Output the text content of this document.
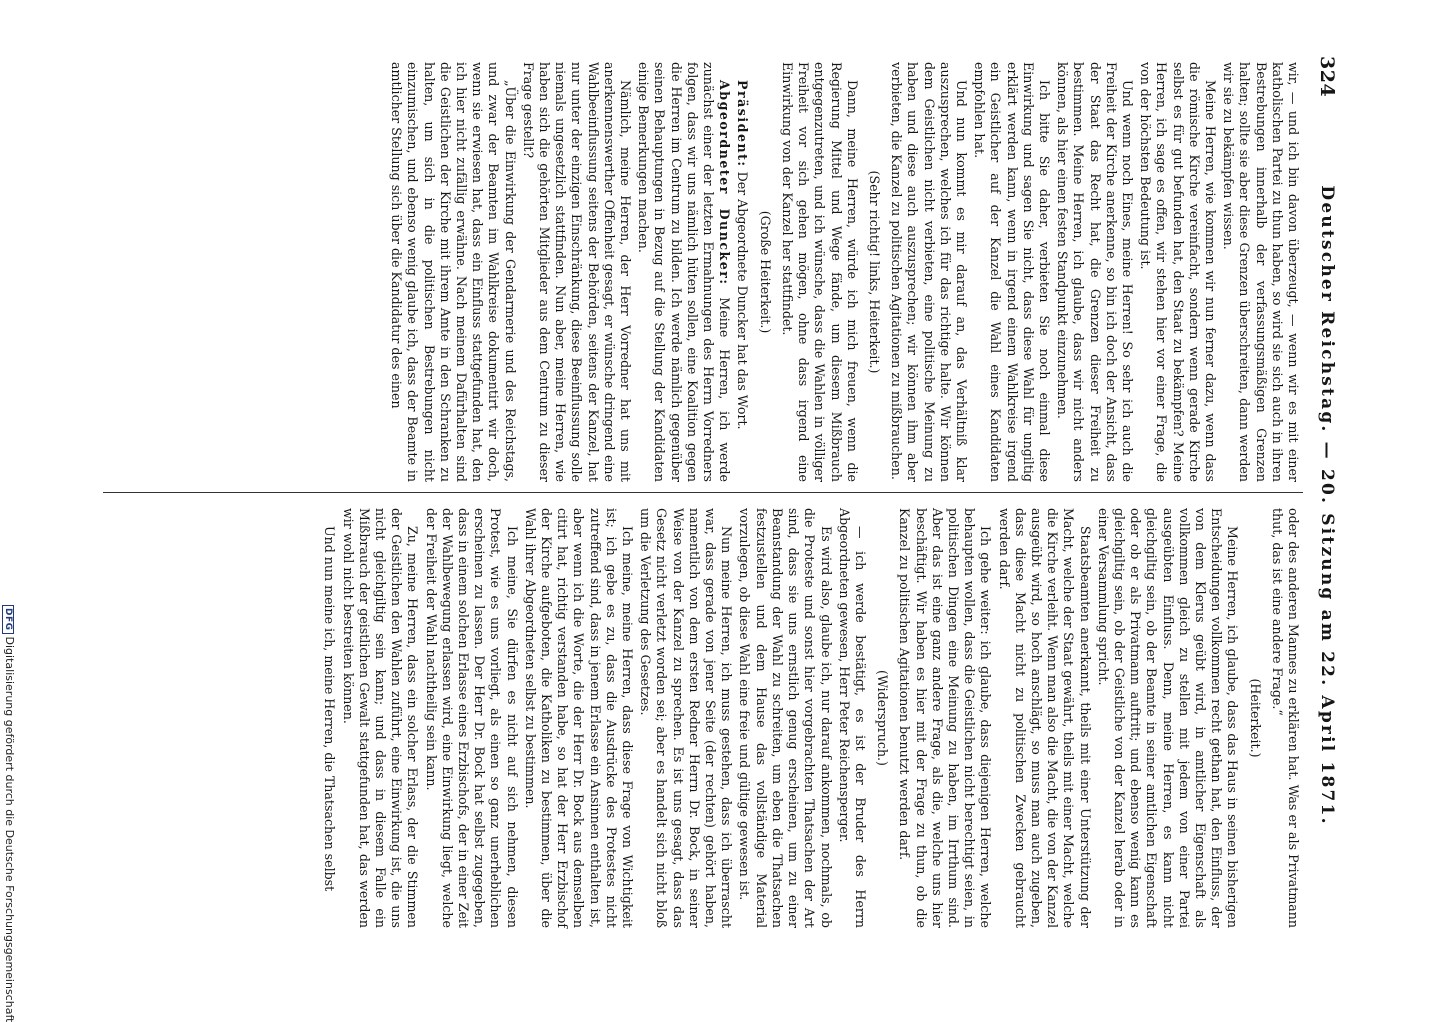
324
Deutscher Reichstag. — 20. Sitzung am 22. April 1871.

wir, — und ich bin davon überzeugt, — wenn wir es mit einer katholischen Partei zu thun haben, so wird sie sich auch in ihren Bestrebungen innerhalb der verfassungsmäßigen Grenzen halten; sollte sie aber diese Grenzen überschreiten, dann werden wir sie zu bekämpfen wissen.

Meine Herren, wie kommen wir nun ferner dazu, wenn dass die römische Kirche vereinfacht, sondern wenn gerade Kirche selbst es für gut befunden hat, den Staat zu bekämpfen? Meine Herren, ich sage es offen, wir stehen hier vor einer Frage, die von der höchsten Bedeutung ist.

Und wenn noch Eines, meine Herren! So sehr ich auch die Freiheit der Kirche anerkenne, so bin ich doch der Ansicht, dass der Staat das Recht hat, die Grenzen dieser Freiheit zu bestimmen. Meine Herren, ich glaube, dass wir nicht anders können, als hier einen festen Standpunkt einzunehmen.

Ich bitte Sie daher, verbieten Sie noch einmal diese Einwirkung und sagen Sie nicht, dass diese Wahl für ungiltig erklärt werden kann, wenn in irgend einem Wahlkreise irgend ein Geistlicher auf der Kanzel die Wahl eines Kandidaten empfohlen hat.

Und nun kommt es mir darauf an, das Verhältniß klar auszusprechen, welches ich für das richtige halte. Wir können dem Geistlichen nicht verbieten, eine politische Meinung zu haben und diese auch auszusprechen; wir können ihm aber verbieten, die Kanzel zu politischen Agitationen zu mißbrauchen.

(Sehr richtig! links, Heiterkeit.)

Dann, meine Herren, würde ich mich freuen, wenn die Regierung Mittel und Wege fände, um diesem Mißbrauch entgegenzutreten, und ich wünsche, dass die Wahlen in völliger Freiheit vor sich gehen mögen, ohne dass irgend eine Einwirkung von der Kanzel her stattfindet.

(Große Heiterkeit.)

Präsident: Der Abgeordnete Duncker hat das Wort.

Abgeordneter Duncker: Meine Herren, ich werde zunächst einer der letzten Ermahnungen des Herrn Vorredners folgen, dass wir uns nämlich hüten sollen, eine Koalition gegen die Herren im Centrum zu bilden. Ich werde nämlich gegenüber seinen Behauptungen in Bezug auf die Stellung der Kandidaten einige Bemerkungen machen.

Nämlich, meine Herren, der Herr Vorredner hat uns mit anerkennenswerther Offenheit gesagt, er wünsche dringend eine Wahlbeeinflussung seitens der Behörden, seitens der Kanzel, hat nur unter der einzigen Einschränkung, diese Beeinflussung solle niemals ungesetzlich stattfinden. Nun aber, meine Herren, wie haben sich die gehörten Mitglieder aus dem Centrum zu dieser Frage gestellt?

„Über die Einwirkung der Gendarmerie und des Reichstags, und zwar der Beamten im Wahlkreise dokumentirt wir doch, wenn sie erwiesen hat, dass ein Einfluss stattgefunden hat, den ich hier nicht zufällig erwähne. Nach meinem Dafürhalten sind die Geistlichen der Kirche mit ihrem Amte in den Schranken zu halten, um sich in die politischen Bestrebungen nicht einzumischen, und ebenso wenig glaube ich, dass der Beamte in amtlicher Stellung sich über die Kandidatur des einen

oder des anderen Mannes zu erklären hat. Was er als Privatmann thut, das ist eine andere Frage.“

(Heiterkeit.)

Meine Herren, ich glaube, dass das Haus in seinen bisherigen Entscheidungen vollkommen recht gethan hat, den Einfluss, der von dem Klerus geübt wird, in amtlicher Eigenschaft als vollkommen gleich zu stellen mit jedem von einer Partei ausgeübten Einfluss. Denn, meine Herren, es kann nicht gleichgiltig sein, ob der Beamte in seiner amtlichen Eigenschaft oder ob er als Privatmann auftritt; und ebenso wenig kann es gleichgiltig sein, ob der Geistliche von der Kanzel herab oder in einer Versammlung spricht.

Staatsbeamten anerkannt, theils mit einer Unterstützung der Macht, welche der Staat gewährt, theils mit einer Macht, welche die Kirche verleiht. Wenn man also die Macht, die von der Kanzel ausgeübt wird, so hoch anschlägt, so muss man auch zugeben, dass diese Macht nicht zu politischen Zwecken gebraucht werden darf.

Ich gehe weiter: ich glaube, dass diejenigen Herren, welche behaupten wollen, dass die Geistlichen nicht berechtigt seien, in politischen Dingen eine Meinung zu haben, im Irrthum sind. Aber das ist eine ganz andere Frage, als die, welche uns hier beschäftigt. Wir haben es hier mit der Frage zu thun, ob die Kanzel zu politischen Agitationen benutzt werden darf.

(Widerspruch.)

— ich werde bestätigt, es ist der Bruder des Herrn Abgeordneten gewesen, Herr Peter Reichensperger.

Es wird also, glaube ich, nur darauf ankommen, nochmals, ob die Proteste und sonst hier vorgebrachten Thatsachen der Art sind, dass sie uns ernstlich genug erscheinen, um zu einer Beanstandung der Wahl zu schreiten, um eben die Thatsachen festzustellen und dem Hause das vollständige Material vorzulegen, ob diese Wahl eine freie und gültige gewesen ist.

Nun meine Herren, ich muss gestehen, dass ich überrascht war, dass gerade von jener Seite (der rechten) gehört haben, namentlich von dem ersten Redner Herrn Dr. Bock, in seiner Weise von der Kanzel zu sprechen. Es ist uns gesagt, dass das Gesetz nicht verletzt worden sei; aber es handelt sich nicht bloß um die Verletzung des Gesetzes.

Ich meine, meine Herren, dass diese Frage von Wichtigkeit ist; ich gebe es zu, dass die Ausdrücke des Protestes nicht zutreffend sind, dass in jenem Erlasse ein Ansinnen enthalten ist, aber wenn ich die Worte, die der Herr Dr. Bock aus demselben citirt hat, richtig verstanden habe, so hat der Herr Erzbischof der Kirche aufgeboten, die Katholiken zu bestimmen, über die Wahl ihrer Abgeordneten selbst zu bestimmen.

Ich meine, Sie dürfen es nicht auf sich nehmen, diesen Protest, wie es uns vorliegt, als einen so ganz unerheblichen erscheinen zu lassen. Der Herr Dr. Bock hat selbst zugegeben, dass in einem solchen Erlasse eines Erzbischofs, der in einer Zeit der Wahlbewegung erlassen wird, eine Einwirkung liegt, welche der Freiheit der Wahl nachtheilig sein kann.

Zu, meine Herren, dass ein solcher Erlass, der die Stimmen der Geistlichen den Wahlen zuführt, eine Einwirkung ist, die uns nicht gleichgiltig sein kann; und dass in diesem Falle ein Mißbrauch der geistlichen Gewalt stattgefunden hat, das werden wir wohl nicht bestreiten können.

Und nun meine ich, meine Herren, die Thatsachen selbst

DFGDigitalisierung gefördert durch die Deutsche Forschungsgemeinschaft
